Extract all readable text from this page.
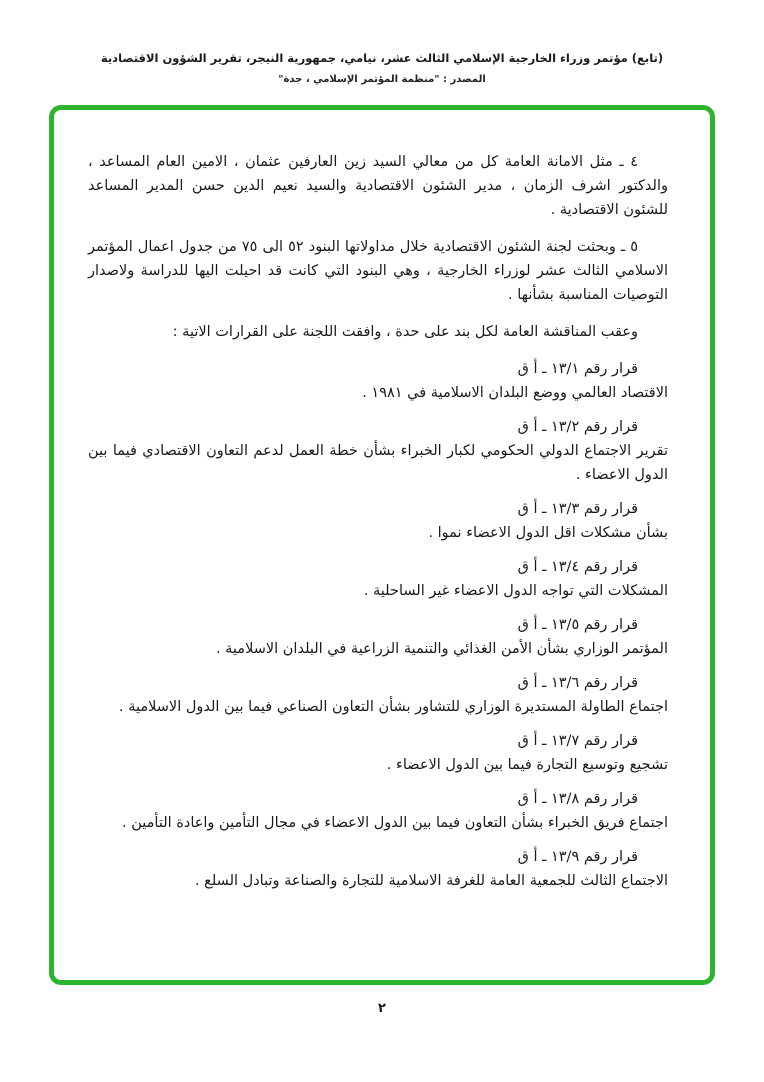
(تابع) مؤتمر وزراء الخارجية الإسلامي الثالث عشر، نيامي، جمهورية النيجر، تقرير الشؤون الاقتصادية
المصدر : "منظمة المؤتمر الإسلامي ، جدة"

٤ ـ مثل الامانة العامة كل من معالي السيد زين العارفين عثمان ، الامين العام المساعد ، والدكتور اشرف الزمان ، مدير الشئون الاقتصادية والسيد نعيم الدين حسن المدير المساعد للشئون الاقتصادية .

٥ ـ وبحثت لجنة الشئون الاقتصادية خلال مداولاتها البنود ٥٢ الى ٧٥ من جدول اعمال المؤتمر الاسلامي الثالث عشر لوزراء الخارجية ، وهي البنود التي كانت قد احيلت اليها للدراسة ولاصدار التوصيات المناسبة بشأنها .

وعقب المناقشة العامة لكل بند على حدة ، وافقت اللجنة على القرارات الاتية :

قرار رقم ١٣/١ ـ أ ق
الاقتصاد العالمي ووضع البلدان الاسلامية في ١٩٨١ .
قرار رقم ١٣/٢ ـ أ ق
تقرير الاجتماع الدولي الحكومي لكبار الخبراء بشأن خطة العمل لدعم التعاون الاقتصادي فيما بين الدول الاعضاء .
قرار رقم ١٣/٣ ـ أ ق
بشأن مشكلات اقل الدول الاعضاء نموا .
قرار رقم ١٣/٤ ـ أ ق
المشكلات التي تواجه الدول الاعضاء غير الساحلية .
قرار رقم ١٣/٥ ـ أ ق
المؤتمر الوزاري بشأن الأمن الغذائي والتنمية الزراعية في البلدان الاسلامية .
قرار رقم ١٣/٦ ـ أ ق
اجتماع الطاولة المستديرة الوزاري للتشاور بشأن التعاون الصناعي فيما بين الدول الاسلامية .
قرار رقم ١٣/٧ ـ أ ق
تشجيع وتوسيع التجارة فيما بين الدول الاعضاء .
قرار رقم ١٣/٨ ـ أ ق
اجتماع فريق الخبراء بشأن التعاون فيما بين الدول الاعضاء في مجال التأمين واعادة التأمين .
قرار رقم ١٣/٩ ـ أ ق
الاجتماع الثالث للجمعية العامة للغرفة الاسلامية للتجارة والصناعة وتبادل السلع .
٢
